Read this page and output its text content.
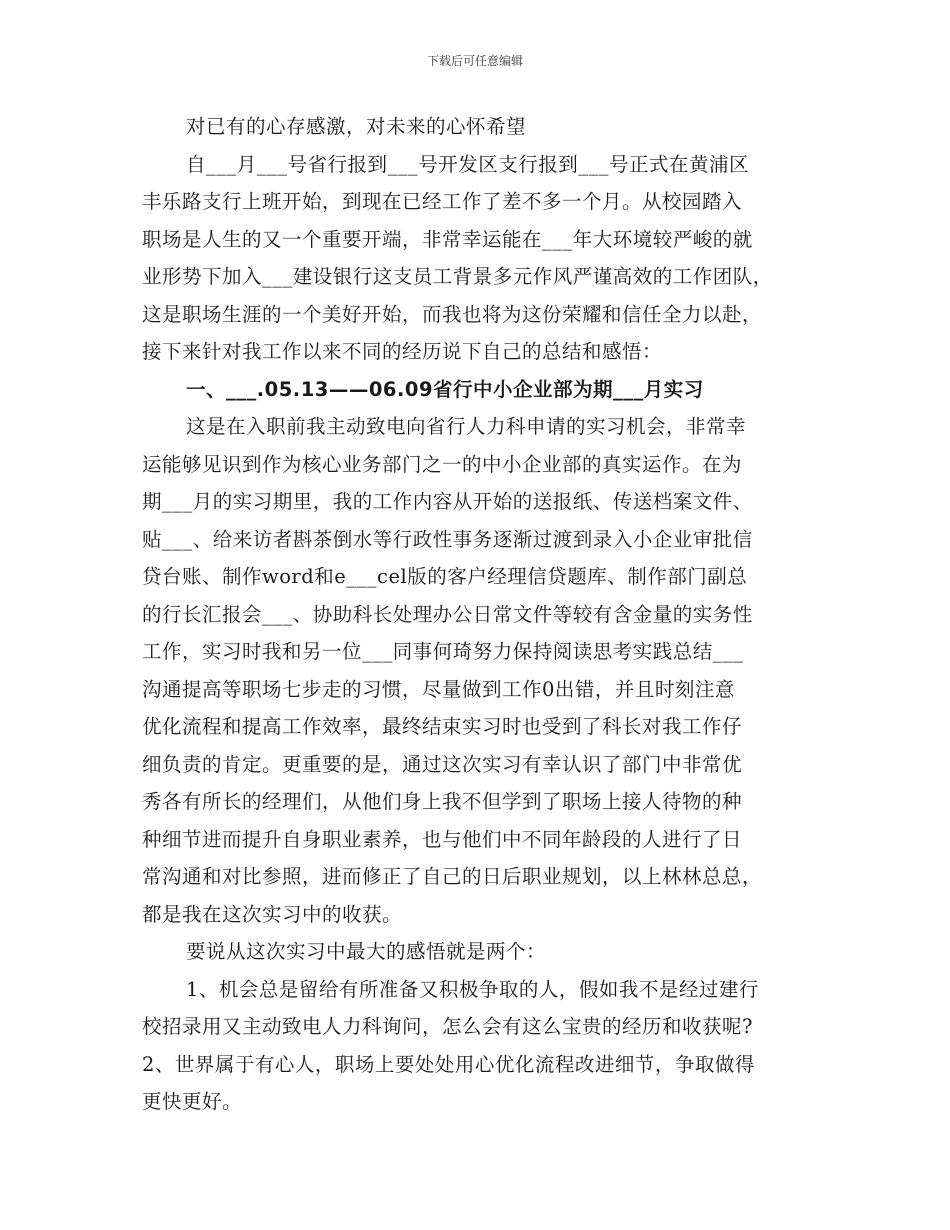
下载后可任意编辑
对已有的心存感激，对未来的心怀希望
自___月___号省行报到___号开发区支行报到___号正式在黄浦区
丰乐路支行上班开始，到现在已经工作了差不多一个月。从校园踏入
职场是人生的又一个重要开端，非常幸运能在___年大环境较严峻的就
业形势下加入___建设银行这支员工背景多元作风严谨高效的工作团队，
这是职场生涯的一个美好开始，而我也将为这份荣耀和信任全力以赴，
接下来针对我工作以来不同的经历说下自己的总结和感悟：
一、___.05.13——06.09省行中小企业部为期___月实习
这是在入职前我主动致电向省行人力科申请的实习机会，非常幸
运能够见识到作为核心业务部门之一的中小企业部的真实运作。在为
期___月的实习期里，我的工作内容从开始的送报纸、传送档案文件、
贴___、给来访者斟茶倒水等行政性事务逐渐过渡到录入小企业审批信
贷台账、制作word和e___cel版的客户经理信贷题库、制作部门副总
的行长汇报会___、协助科长处理办公日常文件等较有含金量的实务性
工作，实习时我和另一位___同事何琦努力保持阅读思考实践总结___
沟通提高等职场七步走的习惯，尽量做到工作0出错，并且时刻注意
优化流程和提高工作效率，最终结束实习时也受到了科长对我工作仔
细负责的肯定。更重要的是，通过这次实习有幸认识了部门中非常优
秀各有所长的经理们，从他们身上我不但学到了职场上接人待物的种
种细节进而提升自身职业素养，也与他们中不同年龄段的人进行了日
常沟通和对比参照，进而修正了自己的日后职业规划，以上林林总总，
都是我在这次实习中的收获。
要说从这次实习中最大的感悟就是两个：
1、机会总是留给有所准备又积极争取的人，假如我不是经过建行
校招录用又主动致电人力科询问，怎么会有这么宝贵的经历和收获呢?
2、世界属于有心人，职场上要处处用心优化流程改进细节，争取做得
更快更好。
